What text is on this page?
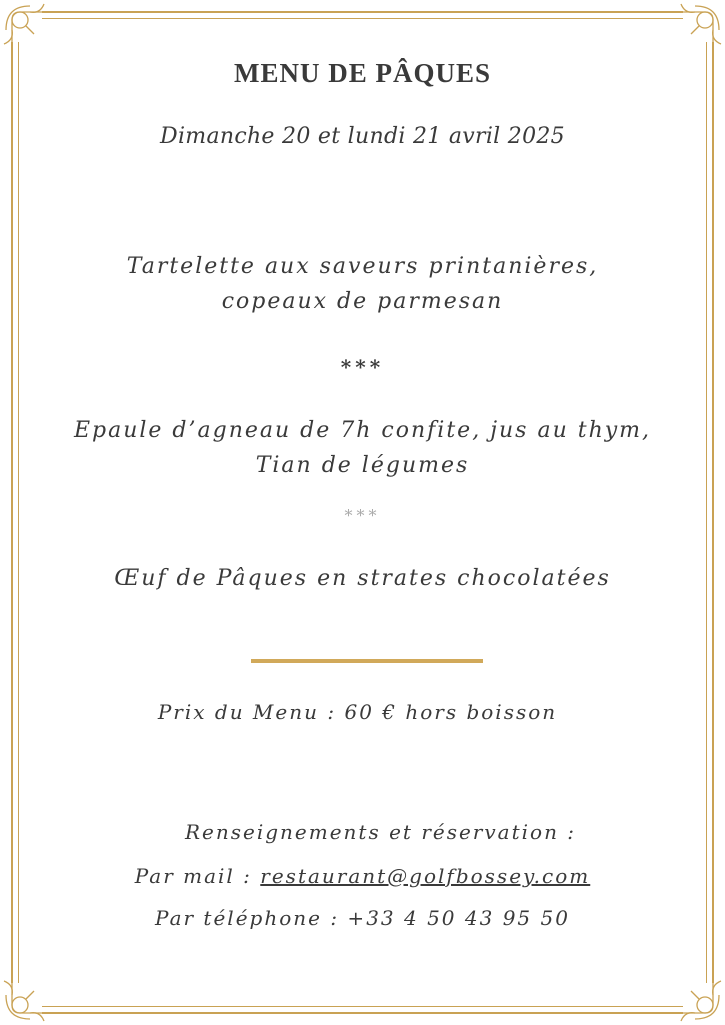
MENU DE PÂQUES
Dimanche 20 et lundi 21 avril 2025
Tartelette aux saveurs printanières,
copeaux de parmesan
***
Epaule d’agneau de 7h confite, jus au thym,
Tian de légumes
***
Œuf de Pâques en strates chocolatées
Prix du Menu : 60 € hors boisson
Renseignements et réservation :
Par mail : restaurant@golfbossey.com
Par téléphone : +33 4 50 43 95 50
